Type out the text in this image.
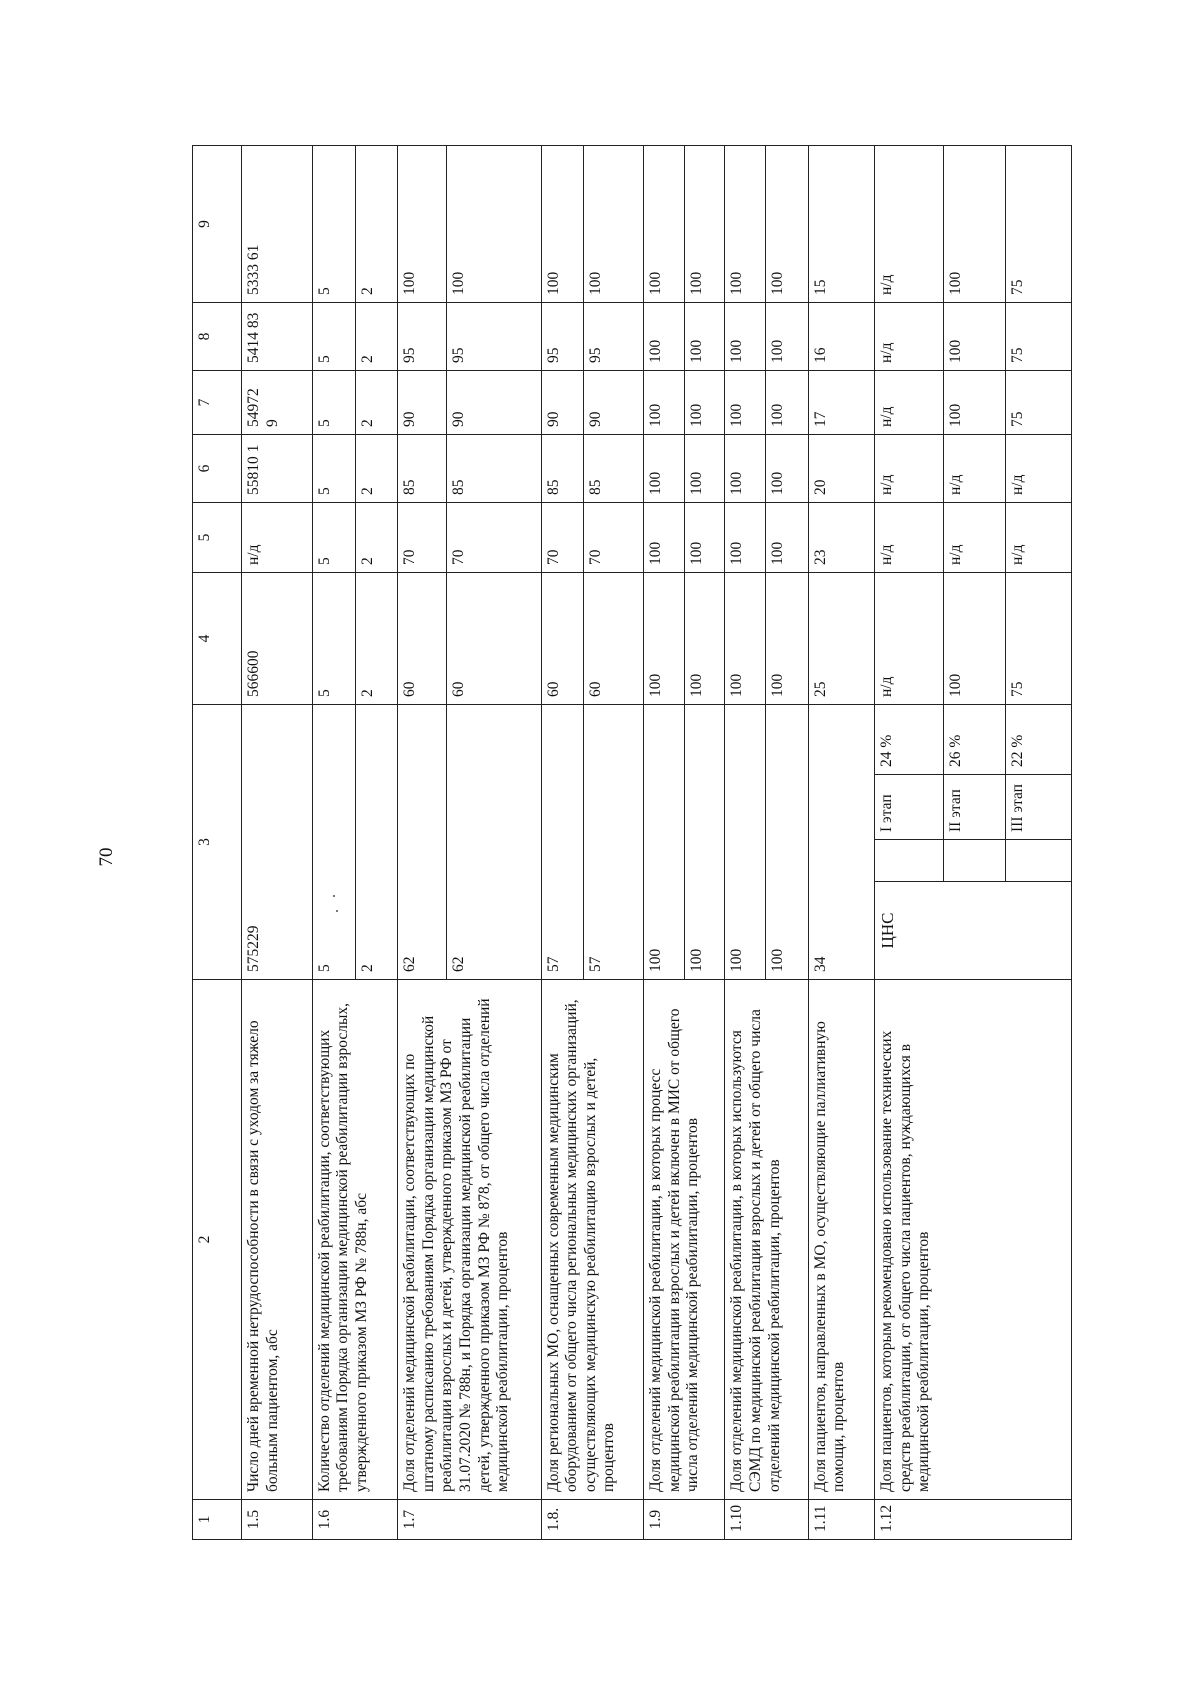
70
1	2	3				4	5	6	7	8	9
1.5	Число дней временной нетрудоспособности в связи с уходом за тяжело больным пациентом, абс	575229				566600	н/д	55810 1	54972 9	5414 83	5333 61
1.6	Количество отделений медицинской реабилитации, соответствующих требованиям Порядка организации медицинской реабилитации взрослых, утвержденного приказом МЗ РФ № 788н, абс	5				5	5	5	5	5	5
		2				2	2	2	2	2	2
1.7	Доля отделений медицинской реабилитации, соответствующих по штатному расписанию требованиям Порядка организации медицинской реабилитации взрослых и детей, утвержденного приказом МЗ РФ от 31.07.2020 № 788н, и Порядка организации медицинской реабилитации детей, утвержденного приказом МЗ РФ № 878, от общего числа отделений медицинской реабилитации, процентов	62				60	70	85	90	95	100
		62				60	70	85	90	95	100
1.8.	Доля региональных МО, оснащенных современным медицинским оборудованием от общего числа региональных медицинских организаций, осуществляющих медицинскую реабилитацию взрослых и детей, процентов	57				60	70	85	90	95	100
		57				60	70	85	90	95	100
1.9	Доля отделений медицинской реабилитации, в которых процесс медицинской реабилитации взрослых и детей включен в МИС от общего числа отделений медицинской реабилитации, процентов	100				100	100	100	100	100	100
		100				100	100	100	100	100	100
1.10	Доля отделений медицинской реабилитации, в которых используются СЭМД по медицинской реабилитации взрослых и детей от общего числа отделений медицинской реабилитации, процентов	100				100	100	100	100	100	100
		100				100	100	100	100	100	100
1.11	Доля пациентов, направленных в МО, осуществляющие паллиативную помощи, процентов	34				25	23	20	17	16	15
1.12	Доля пациентов, которым рекомендовано использование технических средств реабилитации, от общего числа пациентов, нуждающихся в медицинской реабилитации, процентов	ЦНС		I этап	24 %	н/д	н/д	н/д	н/д	н/д	н/д
				II этап	26 %	100	н/д	н/д	100	100	100
				III этап	22 %	75	н/д	н/д	75	75	75
